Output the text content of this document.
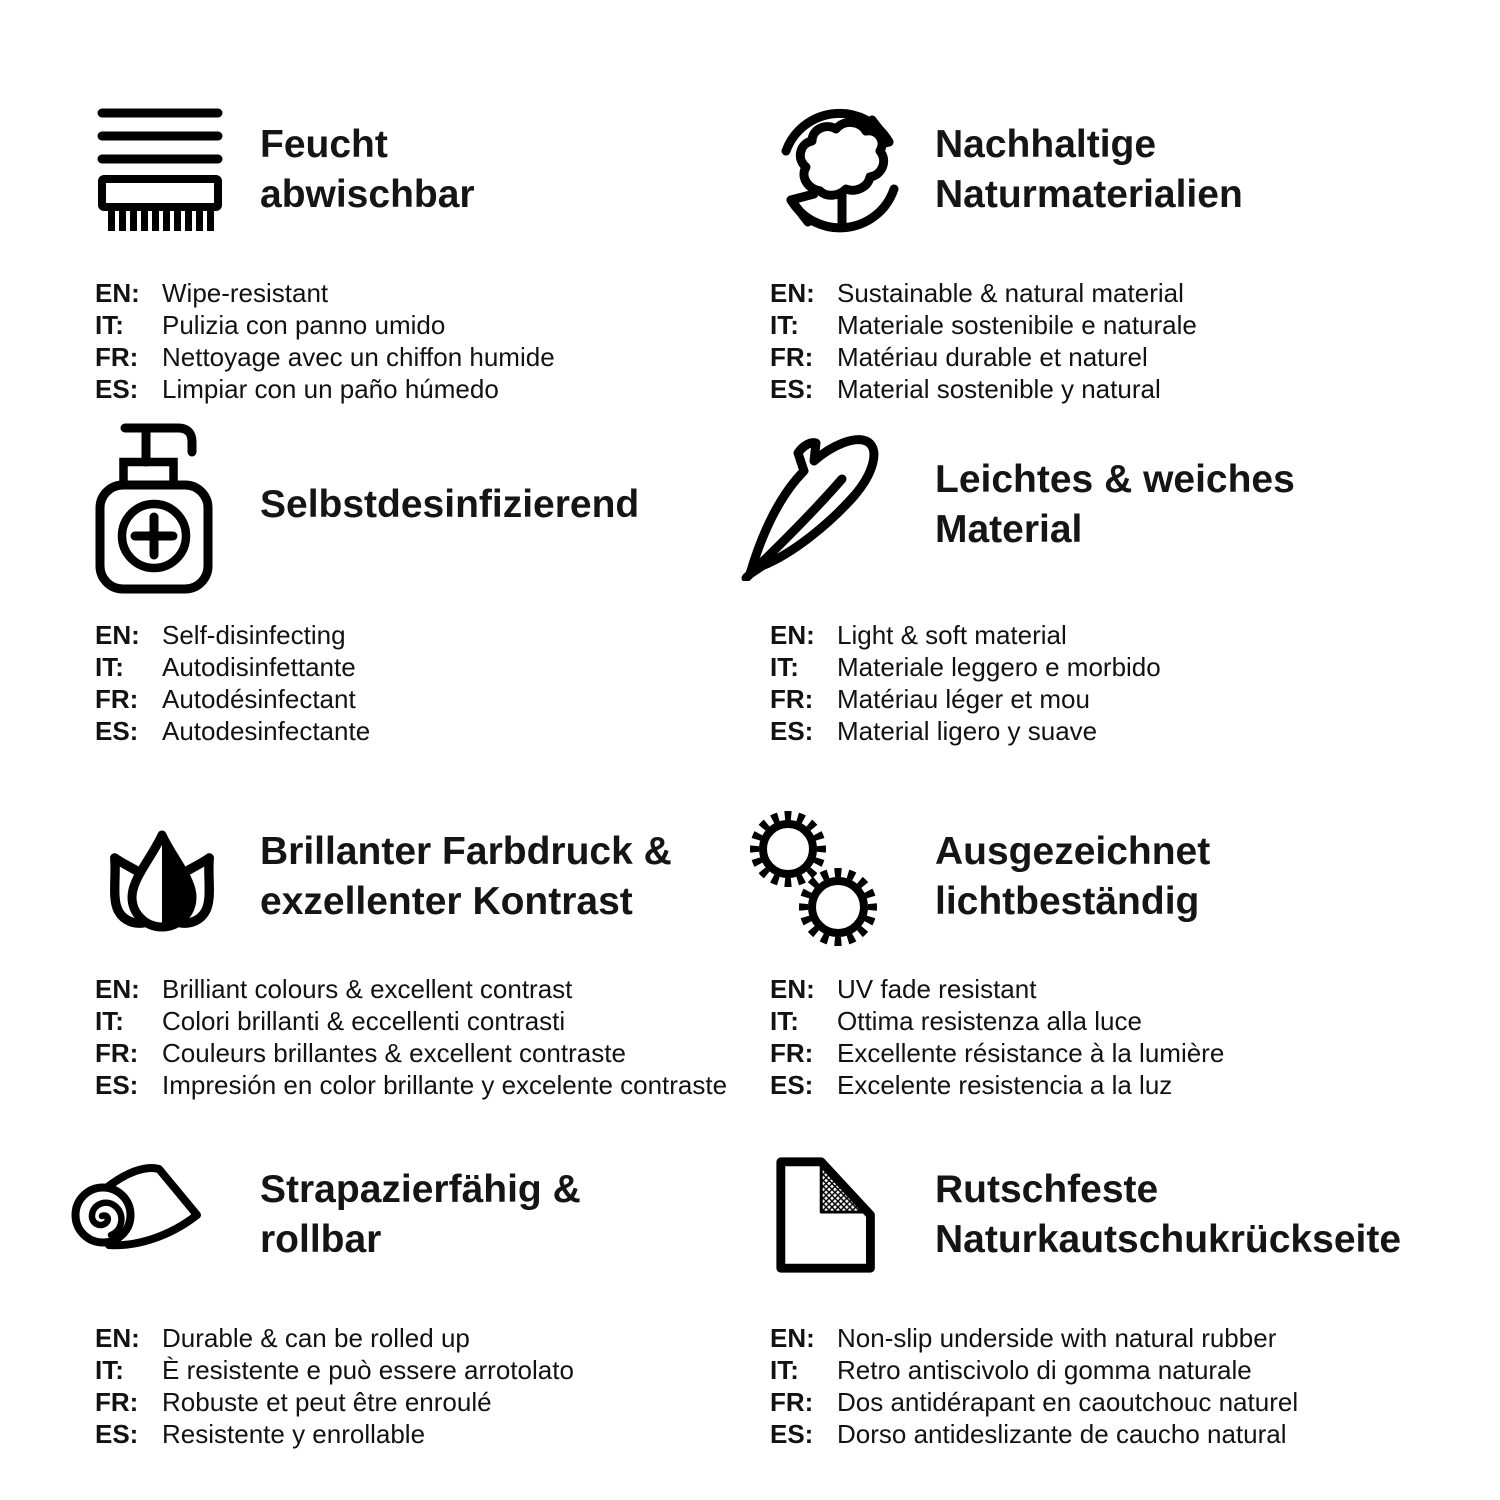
Feucht
abwischbar
EN: Wipe-resistant
IT:	Pulizia con panno umido
FR: Nettoyage avec un chiffon humide
ES: Limpiar con un paño húmedo
Nachhaltige
Naturmaterialien
EN: Sustainable & natural material
IT:	Materiale sostenibile e naturale
FR: Matériau durable et naturel
ES: Material sostenible y natural
Selbstdesinfizierend
EN: Self-disinfecting
IT:	Autodisinfettante
FR: Autodésinfectant
ES: Autodesinfectante
Leichtes & weiches
Material
EN: Light & soft material
IT:	Materiale leggero e morbido
FR: Matériau léger et mou
ES: Material ligero y suave
Brillanter Farbdruck &
exzellenter Kontrast
EN: Brilliant colours & excellent contrast
IT:	Colori brillanti & eccellenti contrasti
FR: Couleurs brillantes & excellent contraste
ES: Impresión en color brillante y excelente contraste
Ausgezeichnet
lichtbeständig
EN: UV fade resistant
IT:	Ottima resistenza alla luce
FR: Excellente résistance à la lumière
ES: Excelente resistencia a la luz
Strapazierfähig &
rollbar
EN: Durable & can be rolled up
IT:	È resistente e può essere arrotolato
FR: Robuste et peut être enroulé
ES: Resistente y enrollable
Rutschfeste
Naturkautschukrückseite
EN: Non-slip underside with natural rubber
IT:	Retro antiscivolo di gomma naturale
FR: Dos antidérapant en caoutchouc naturel
ES: Dorso antideslizante de caucho natural
